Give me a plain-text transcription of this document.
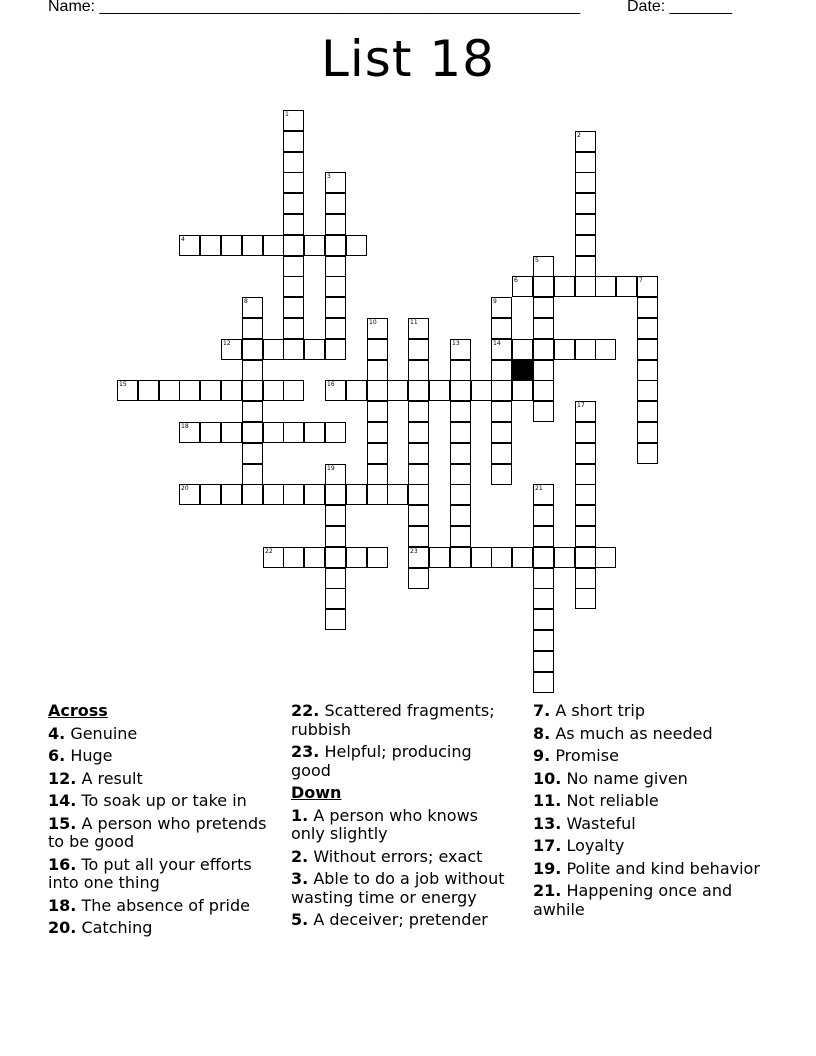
Name: ______________________________________________________	Date: _______
List 18
4
6	7
12	14
15	16
18
20
22	23
1
2
3
5
8	9
10	11
13
17
19
21
Across
4. Genuine
6. Huge
12. A result
14. To soak up or take in
15. A person who pretends to be good
16. To put all your efforts into one thing
18. The absence of pride
20. Catching
22. Scattered fragments; rubbish
23. Helpful; producing good
Down
1. A person who knows only slightly
2. Without errors; exact
3. Able to do a job without wasting time or energy
5. A deceiver; pretender
7. A short trip
8. As much as needed
9. Promise
10. No name given
11. Not reliable
13. Wasteful
17. Loyalty
19. Polite and kind behavior
21. Happening once and awhile
